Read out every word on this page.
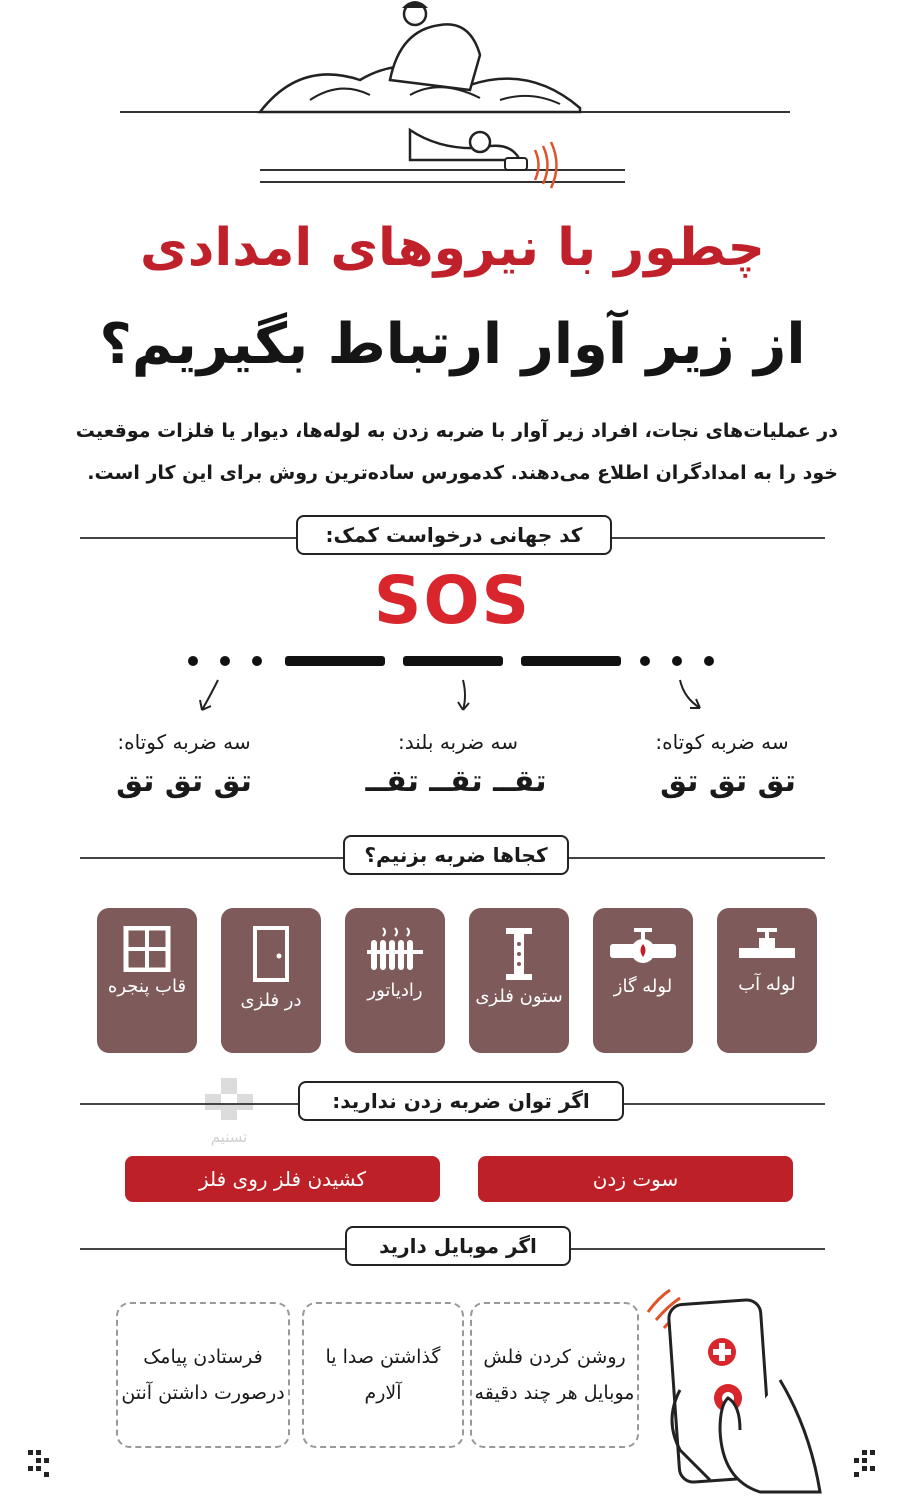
چطور با نیروهای امدادی
از زیر آوار ارتباط بگیریم؟
در عملیات‌های نجات، افراد زیر آوار با ضربه زدن به لوله‌ها، دیوار یا فلزات موقعیت خود را به امدادگران اطلاع می‌دهند. کدمورس ساده‌ترین روش برای این کار است.
کد جهانی درخواست کمک:
SOS
سه ضربه کوتاه:
تق تق تق
سه ضربه بلند:
تقــ تقــ تقــ
سه ضربه کوتاه:
تق تق تق
کجاها ضربه بزنیم؟
لوله آب
لوله گاز
ستون فلزی
رادیاتور
در فلزی
قاب پنجره
تسنیم
اگر توان ضربه زدن ندارید:
سوت زدن
کشیدن فلز روی فلز
اگر موبایل دارید
روشن کردن فلش موبایل هر چند دقیقه
گذاشتن صدا یا آلارم
فرستادن پیامک درصورت داشتن آنتن
